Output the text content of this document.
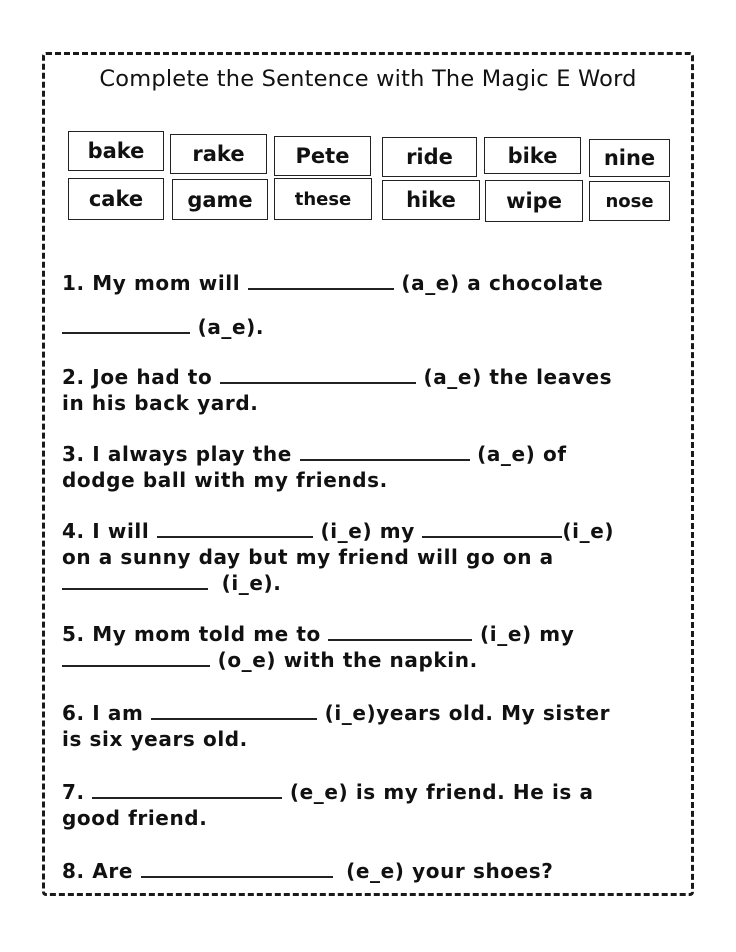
Complete the Sentence with The Magic E Word
bake	rake	Pete	ride	bike	nine
cake	game	these	hike	wipe	nose
1. My mom will	(a_e) a chocolate
(a_e).
2. Joe had to	(a_e) the leaves
in his back yard.
3. I always play the	(a_e) of
dodge ball with my friends.
4. I will	(i_e) my	(i_e)
on a sunny day but my friend will go on a
(i_e).
5. My mom told me to	(i_e) my
(o_e) with the napkin.
6. I am	(i_e)years old. My sister
is six years old.
7.	(e_e) is my friend. He is a
good friend.
8. Are	(e_e) your shoes?
